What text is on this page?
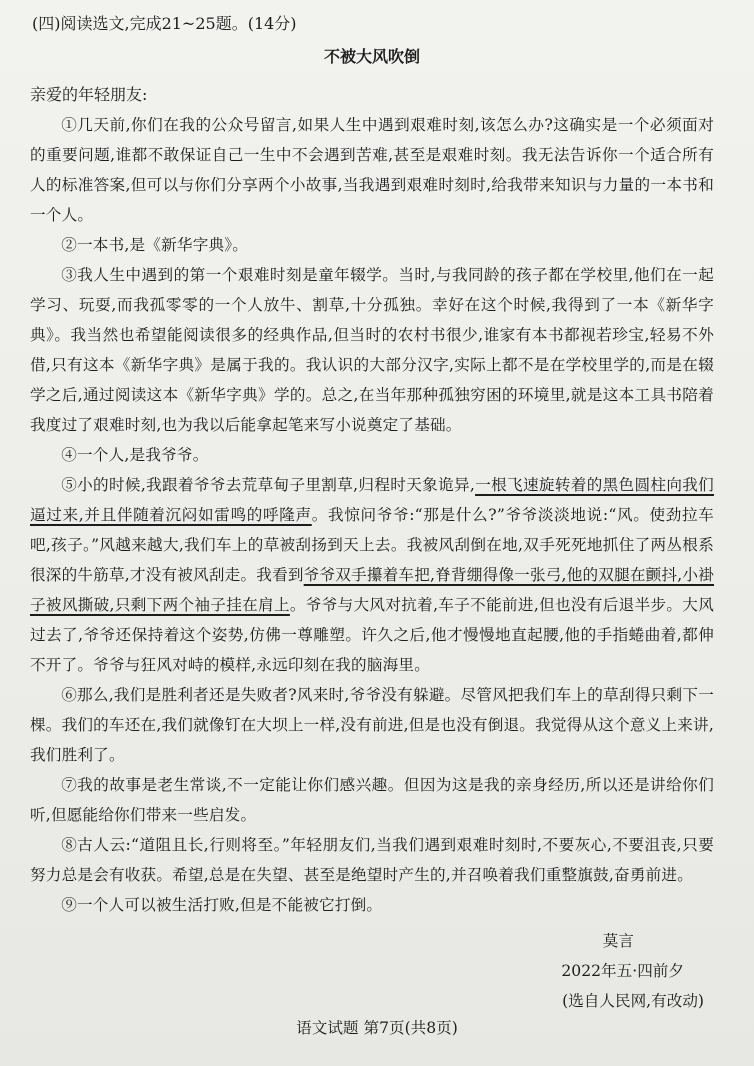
(四)阅读选文,完成21~25题。(14分)

不被大风吹倒

亲爱的年轻朋友:

①几天前,你们在我的公众号留言,如果人生中遇到艰难时刻,该怎么办?这确实是一个必须面对的重要问题,谁都不敢保证自己一生中不会遇到苦难,甚至是艰难时刻。我无法告诉你一个适合所有人的标准答案,但可以与你们分享两个小故事,当我遇到艰难时刻时,给我带来知识与力量的一本书和一个人。

②一本书,是《新华字典》。

③我人生中遇到的第一个艰难时刻是童年辍学。当时,与我同龄的孩子都在学校里,他们在一起学习、玩耍,而我孤零零的一个人放牛、割草,十分孤独。幸好在这个时候,我得到了一本《新华字典》。我当然也希望能阅读很多的经典作品,但当时的农村书很少,谁家有本书都视若珍宝,轻易不外借,只有这本《新华字典》是属于我的。我认识的大部分汉字,实际上都不是在学校里学的,而是在辍学之后,通过阅读这本《新华字典》学的。总之,在当年那种孤独穷困的环境里,就是这本工具书陪着我度过了艰难时刻,也为我以后能拿起笔来写小说奠定了基础。

④一个人,是我爷爷。

⑤小的时候,我跟着爷爷去荒草甸子里割草,归程时天象诡异,一根飞速旋转着的黑色圆柱向我们逼过来,并且伴随着沉闷如雷鸣的呼隆声。我惊问爷爷:“那是什么?”爷爷淡淡地说:“风。使劲拉车吧,孩子。”风越来越大,我们车上的草被刮扬到天上去。我被风刮倒在地,双手死死地抓住了两丛根系很深的牛筋草,才没有被风刮走。我看到爷爷双手攥着车把,脊背绷得像一张弓,他的双腿在颤抖,小褂子被风撕破,只剩下两个袖子挂在肩上。爷爷与大风对抗着,车子不能前进,但也没有后退半步。大风过去了,爷爷还保持着这个姿势,仿佛一尊雕塑。许久之后,他才慢慢地直起腰,他的手指蜷曲着,都伸不开了。爷爷与狂风对峙的模样,永远印刻在我的脑海里。

⑥那么,我们是胜利者还是失败者?风来时,爷爷没有躲避。尽管风把我们车上的草刮得只剩下一棵。我们的车还在,我们就像钉在大坝上一样,没有前进,但是也没有倒退。我觉得从这个意义上来讲,我们胜利了。

⑦我的故事是老生常谈,不一定能让你们感兴趣。但因为这是我的亲身经历,所以还是讲给你们听,但愿能给你们带来一些启发。

⑧古人云:“道阻且长,行则将至。”年轻朋友们,当我们遇到艰难时刻时,不要灰心,不要沮丧,只要努力总是会有收获。希望,总是在失望、甚至是绝望时产生的,并召唤着我们重整旗鼓,奋勇前进。

⑨一个人可以被生活打败,但是不能被它打倒。

莫言

2022年五·四前夕

(选自人民网,有改动)

语文试题 第7页(共8页)
